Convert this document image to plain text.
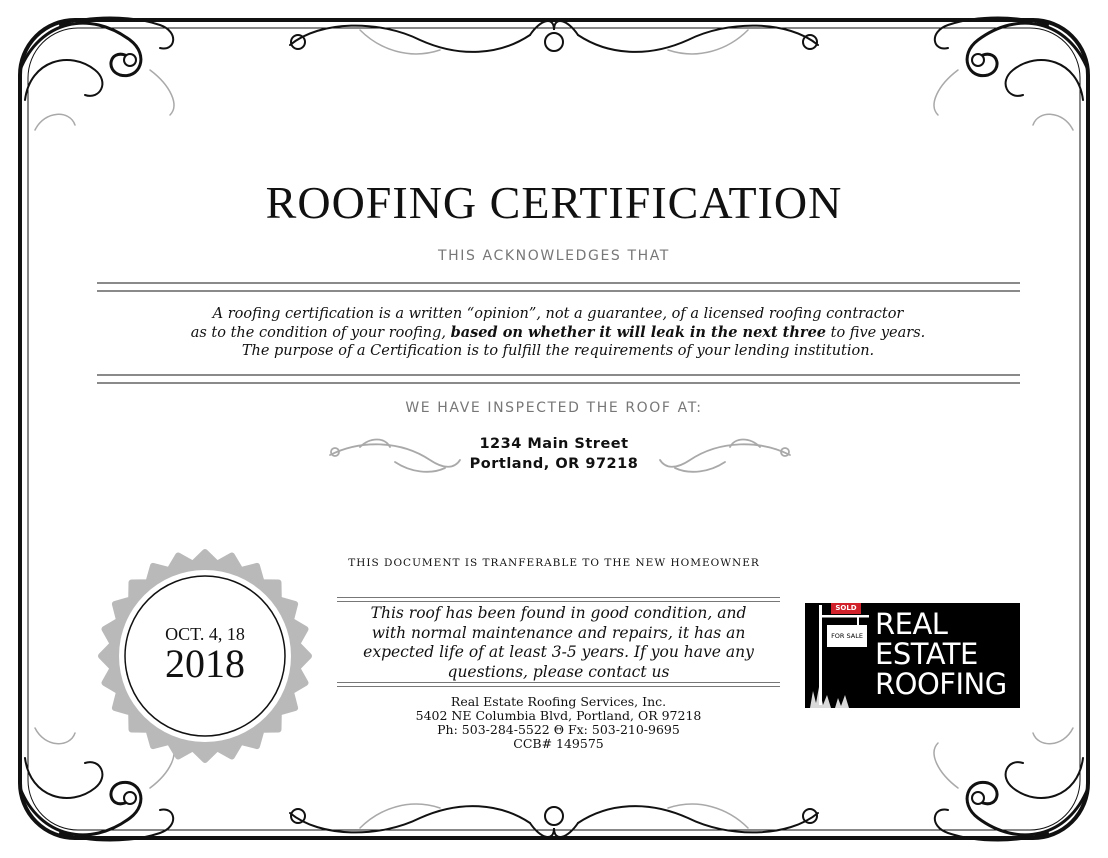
ROOFING CERTIFICATION
THIS ACKNOWLEDGES THAT
A roofing certification is a written “opinion”, not a guarantee, of a licensed roofing contractor
as to the condition of your roofing, based on whether it will leak in the next three to five years.
The purpose of a Certification is to fulfill the requirements of your lending institution.
WE HAVE INSPECTED THE ROOF AT:
1234 Main Street
Portland, OR 97218
THIS DOCUMENT IS TRANFERABLE TO THE NEW HOMEOWNER
This roof has been found in good condition, and
with normal maintenance and repairs, it has an
expected life of at least 3-5 years. If you have any
questions, please contact us
Real Estate Roofing Services, Inc.
5402 NE Columbia Blvd, Portland, OR 97218
Ph: 503-284-5522 Θ Fx: 503-210-9695
CCB# 149575
OCT. 4, 18
2018
SOLD
FOR SALE REAL
ESTATE
ROOFING
